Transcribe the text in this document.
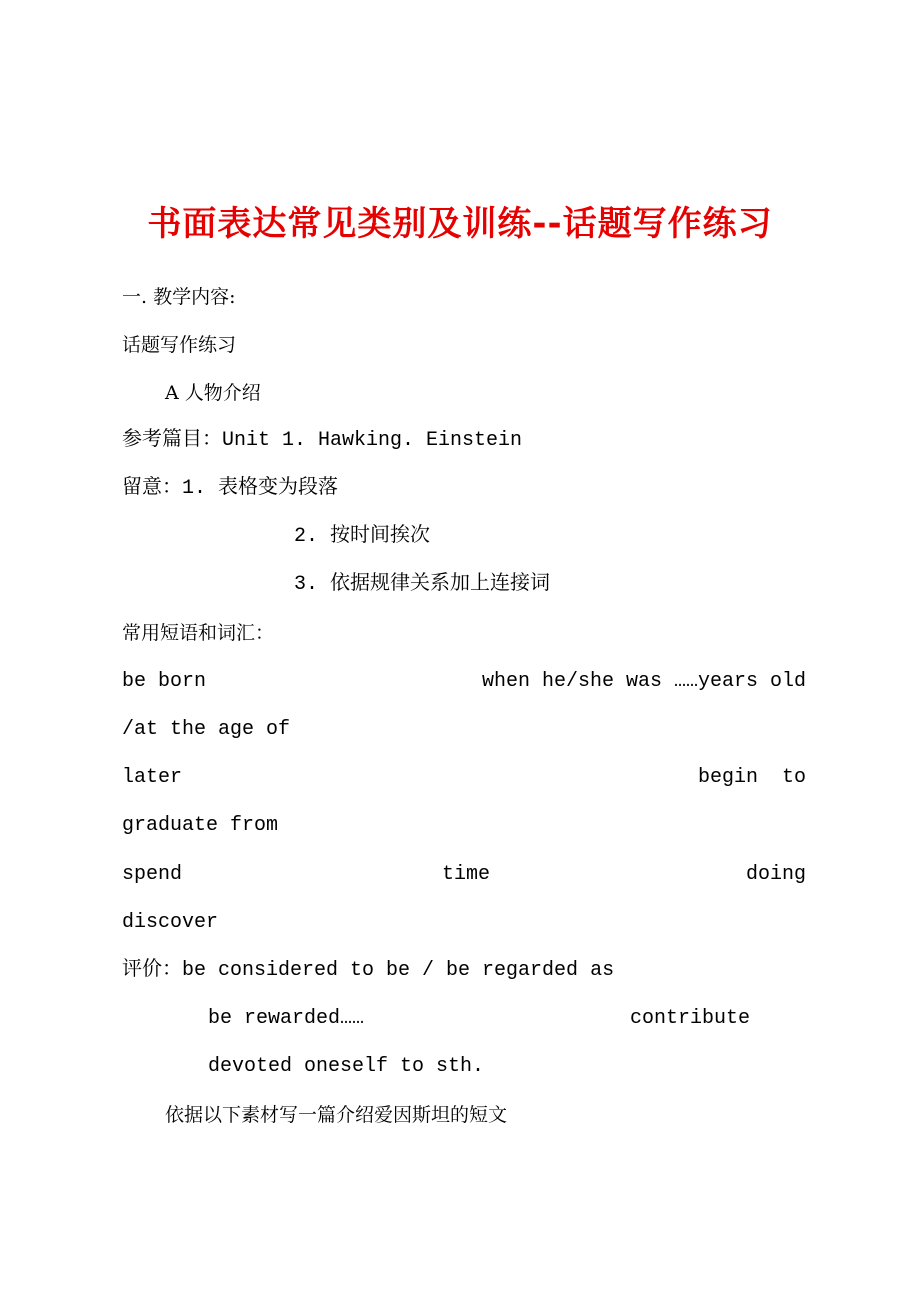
书面表达常见类别及训练--话题写作练习
一. 教学内容:
话题写作练习
A 人物介绍
参考篇目：Unit 1. Hawking. Einstein
留意：1. 表格变为段落
2. 按时间挨次
3. 依据规律关系加上连接词
常用短语和词汇：
be born	when he/she was ……years old
/at the age of
later	begin  to
graduate from
spend	time	doing
discover
评价：be considered to be / be regarded as
be rewarded……	contribute
devoted oneself to sth.
依据以下素材写一篇介绍爱因斯坦的短文
